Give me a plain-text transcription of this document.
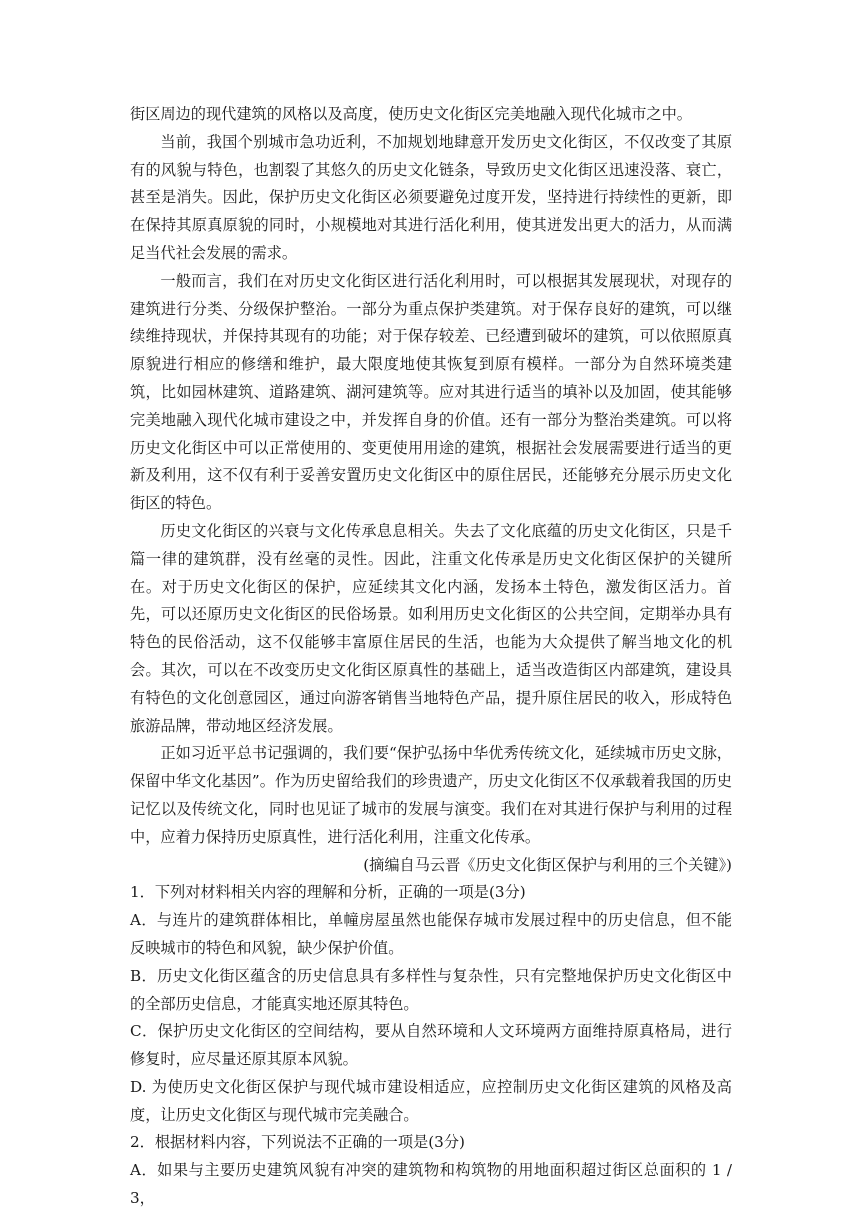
街区周边的现代建筑的风格以及高度，使历史文化街区完美地融入现代化城市之中。

当前，我国个别城市急功近利，不加规划地肆意开发历史文化街区，不仅改变了其原有的风貌与特色，也割裂了其悠久的历史文化链条，导致历史文化街区迅速没落、衰亡，甚至是消失。因此，保护历史文化街区必须要避免过度开发，坚持进行持续性的更新，即在保持其原真原貌的同时，小规模地对其进行活化利用，使其迸发出更大的活力，从而满足当代社会发展的需求。

一般而言，我们在对历史文化街区进行活化利用时，可以根据其发展现状，对现存的建筑进行分类、分级保护整治。一部分为重点保护类建筑。对于保存良好的建筑，可以继续维持现状，并保持其现有的功能；对于保存较差、已经遭到破坏的建筑，可以依照原真原貌进行相应的修缮和维护，最大限度地使其恢复到原有模样。一部分为自然环境类建筑，比如园林建筑、道路建筑、湖河建筑等。应对其进行适当的填补以及加固，使其能够完美地融入现代化城市建设之中，并发挥自身的价值。还有一部分为整治类建筑。可以将历史文化街区中可以正常使用的、变更使用用途的建筑，根据社会发展需要进行适当的更新及利用，这不仅有利于妥善安置历史文化街区中的原住居民，还能够充分展示历史文化街区的特色。

历史文化街区的兴衰与文化传承息息相关。失去了文化底蕴的历史文化街区，只是千篇一律的建筑群，没有丝毫的灵性。因此，注重文化传承是历史文化街区保护的关键所在。对于历史文化街区的保护，应延续其文化内涵，发扬本土特色，激发街区活力。首先，可以还原历史文化街区的民俗场景。如利用历史文化街区的公共空间，定期举办具有特色的民俗活动，这不仅能够丰富原住居民的生活，也能为大众提供了解当地文化的机会。其次，可以在不改变历史文化街区原真性的基础上，适当改造街区内部建筑，建设具有特色的文化创意园区，通过向游客销售当地特色产品，提升原住居民的收入，形成特色旅游品牌，带动地区经济发展。

正如习近平总书记强调的，我们要“保护弘扬中华优秀传统文化，延续城市历史文脉，保留中华文化基因”。作为历史留给我们的珍贵遗产，历史文化街区不仅承载着我国的历史记忆以及传统文化，同时也见证了城市的发展与演变。我们在对其进行保护与利用的过程中，应着力保持历史原真性，进行活化利用，注重文化传承。

(摘编自马云晋《历史文化街区保护与利用的三个关键》)

1．下列对材料相关内容的理解和分析，正确的一项是(3分)

A．与连片的建筑群体相比，单幢房屋虽然也能保存城市发展过程中的历史信息，但不能反映城市的特色和风貌，缺少保护价值。

B．历史文化街区蕴含的历史信息具有多样性与复杂性，只有完整地保护历史文化街区中的全部历史信息，才能真实地还原其特色。

C．保护历史文化街区的空间结构，要从自然环境和人文环境两方面维持原真格局，进行修复时，应尽量还原其原本风貌。

D. 为使历史文化街区保护与现代城市建设相适应，应控制历史文化街区建筑的风格及高度，让历史文化街区与现代城市完美融合。

2．根据材料内容，下列说法不正确的一项是(3分)

A．如果与主要历史建筑风貌有冲突的建筑物和构筑物的用地面积超过街区总面积的 1 / 3，
